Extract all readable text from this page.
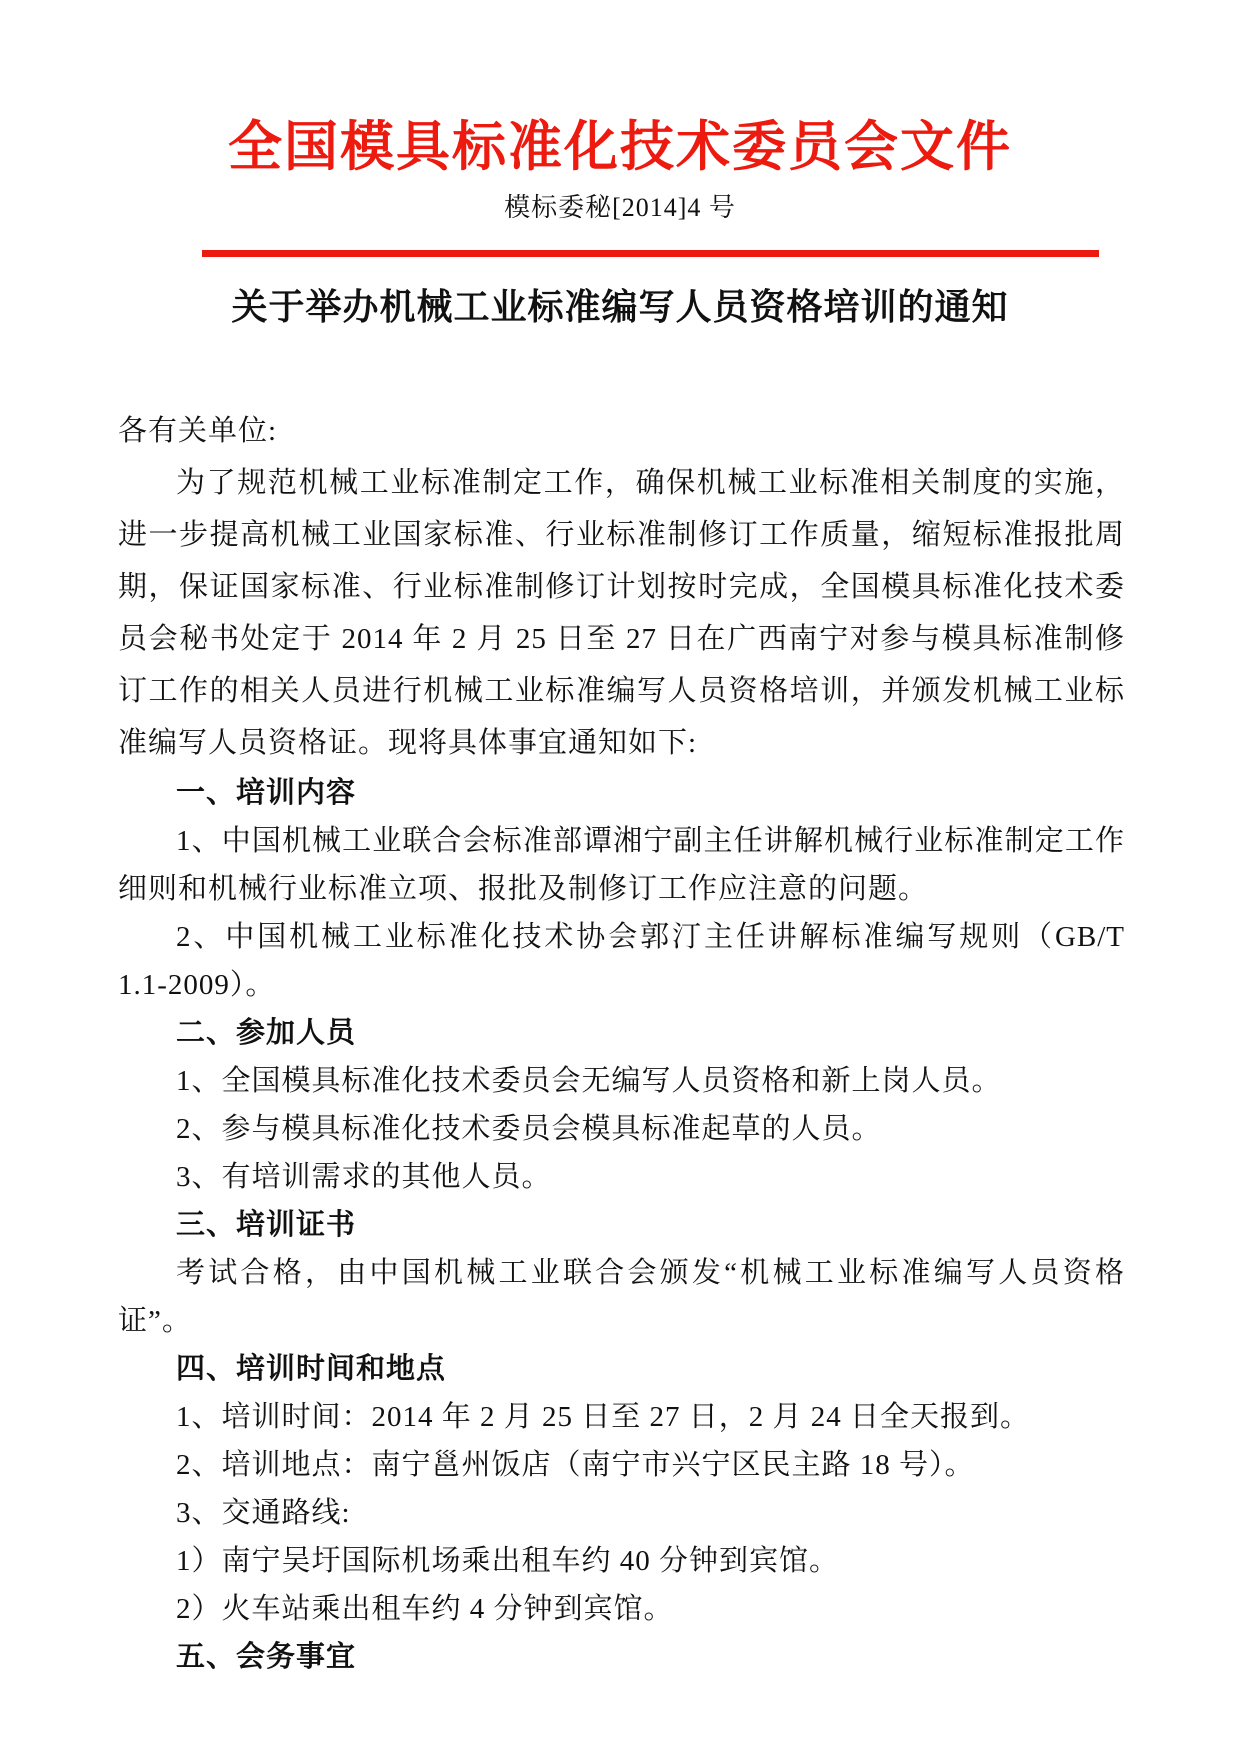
全国模具标准化技术委员会文件
模标委秘[2014]4 号
关于举办机械工业标准编写人员资格培训的通知

各有关单位:

为了规范机械工业标准制定工作，确保机械工业标准相关制度的实施，进一步提高机械工业国家标准、行业标准制修订工作质量，缩短标准报批周期，保证国家标准、行业标准制修订计划按时完成，全国模具标准化技术委员会秘书处定于 2014 年 2 月 25 日至 27 日在广西南宁对参与模具标准制修订工作的相关人员进行机械工业标准编写人员资格培训，并颁发机械工业标准编写人员资格证。现将具体事宜通知如下:

一、培训内容

1、中国机械工业联合会标准部谭湘宁副主任讲解机械行业标准制定工作细则和机械行业标准立项、报批及制修订工作应注意的问题。

2、中国机械工业标准化技术协会郭汀主任讲解标准编写规则（GB/T 1.1-2009）。

二、参加人员

1、全国模具标准化技术委员会无编写人员资格和新上岗人员。

2、参与模具标准化技术委员会模具标准起草的人员。

3、有培训需求的其他人员。

三、培训证书

考试合格，由中国机械工业联合会颁发“机械工业标准编写人员资格证”。

四、培训时间和地点

1、培训时间：2014 年 2 月 25 日至 27 日，2 月 24 日全天报到。

2、培训地点：南宁邕州饭店（南宁市兴宁区民主路 18 号）。

3、交通路线:

1）南宁吴圩国际机场乘出租车约 40 分钟到宾馆。

2）火车站乘出租车约 4 分钟到宾馆。

五、会务事宜
